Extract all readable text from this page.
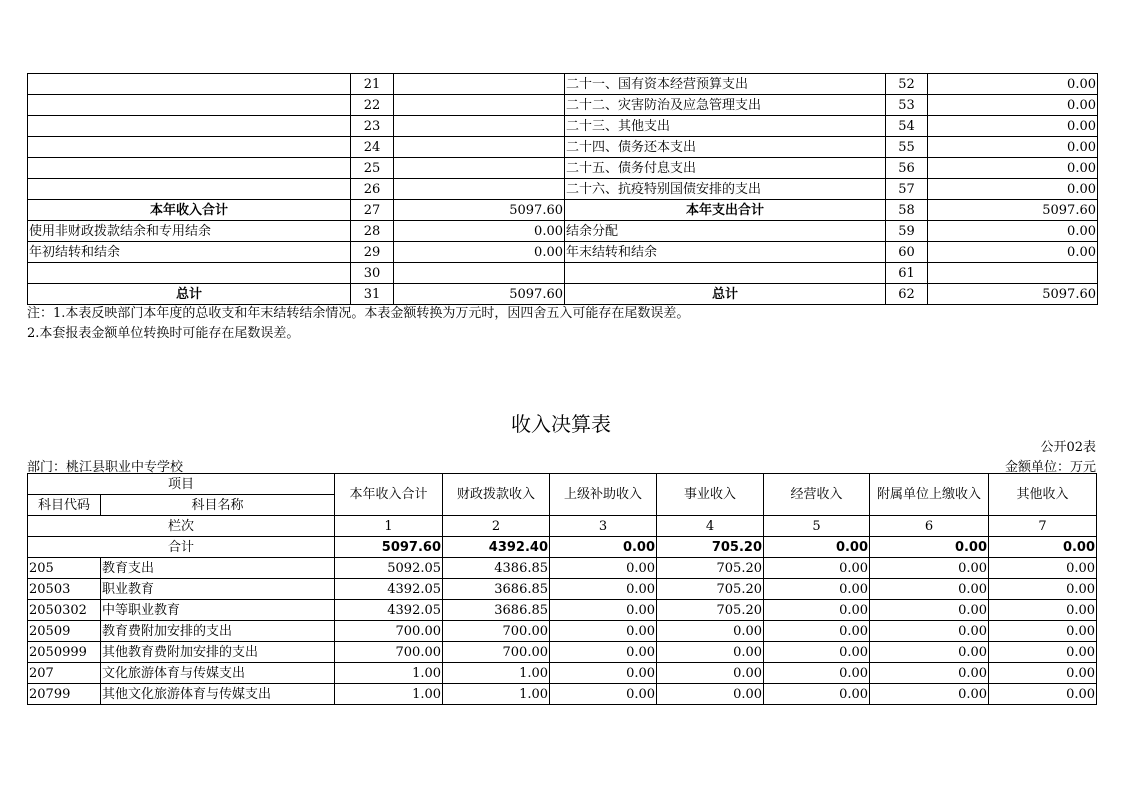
	21		二十一、国有资本经营预算支出	52	0.00
	22		二十二、灾害防治及应急管理支出	53	0.00
	23		二十三、其他支出	54	0.00
	24		二十四、债务还本支出	55	0.00
	25		二十五、债务付息支出	56	0.00
	26		二十六、抗疫特别国债安排的支出	57	0.00
本年收入合计	27	5097.60	本年支出合计	58	5097.60
使用非财政拨款结余和专用结余	28	0.00	结余分配	59	0.00
年初结转和结余	29	0.00	年末结转和结余	60	0.00
	30			61	
总计	31	5097.60	总计	62	5097.60
注：1.本表反映部门本年度的总收支和年末结转结余情况。本表金额转换为万元时，因四舍五入可能存在尾数误差。
2.本套报表金额单位转换时可能存在尾数误差。
收入决算表
公开02表
部门：桃江县职业中专学校	金额单位：万元
项目		本年收入合计	财政拨款收入	上级补助收入	事业收入	经营收入	附属单位上缴收入	其他收入
科目代码	科目名称							
栏次		1	2	3	4	5	6	7
合计		5097.60	4392.40	0.00	705.20	0.00	0.00	0.00
205	教育支出	5092.05	4386.85	0.00	705.20	0.00	0.00	0.00
20503	职业教育	4392.05	3686.85	0.00	705.20	0.00	0.00	0.00
2050302	中等职业教育	4392.05	3686.85	0.00	705.20	0.00	0.00	0.00
20509	教育费附加安排的支出	700.00	700.00	0.00	0.00	0.00	0.00	0.00
2050999	其他教育费附加安排的支出	700.00	700.00	0.00	0.00	0.00	0.00	0.00
207	文化旅游体育与传媒支出	1.00	1.00	0.00	0.00	0.00	0.00	0.00
20799	其他文化旅游体育与传媒支出	1.00	1.00	0.00	0.00	0.00	0.00	0.00
